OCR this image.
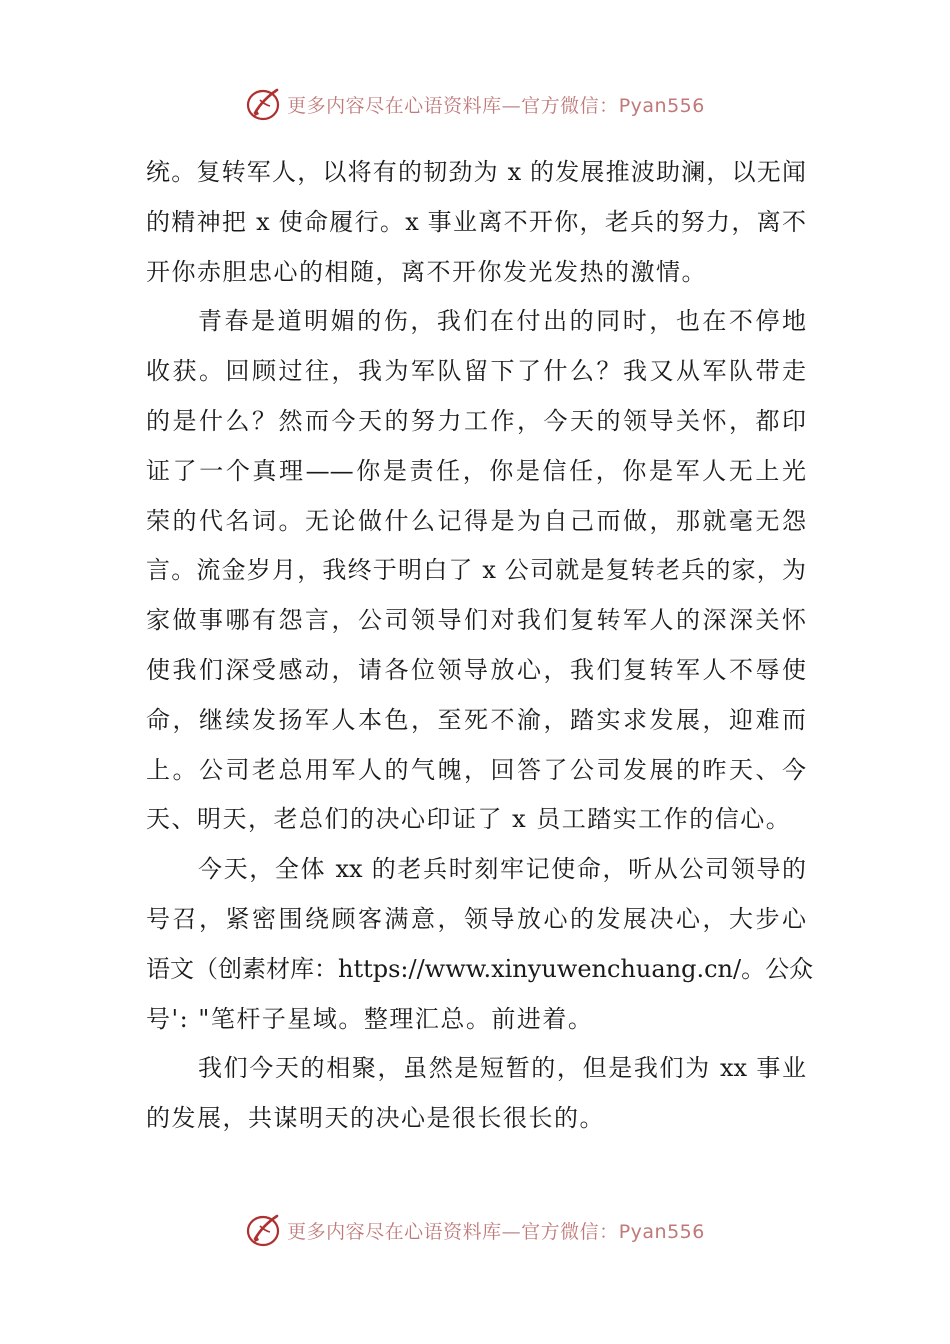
更多内容尽在心语资料库—官方微信：Pyan556
统。复转军人，以将有的韧劲为 x 的发展推波助澜，以无闻
的精神把 x 使命履行。x 事业离不开你，老兵的努力，离不
开你赤胆忠心的相随，离不开你发光发热的激情。
青春是道明媚的伤，我们在付出的同时，也在不停地
收获。回顾过往，我为军队留下了什么？我又从军队带走
的是什么？然而今天的努力工作，今天的领导关怀，都印
证了一个真理——你是责任，你是信任，你是军人无上光
荣的代名词。无论做什么记得是为自己而做，那就毫无怨
言。流金岁月，我终于明白了 x 公司就是复转老兵的家，为
家做事哪有怨言，公司领导们对我们复转军人的深深关怀
使我们深受感动，请各位领导放心，我们复转军人不辱使
命，继续发扬军人本色，至死不渝，踏实求发展，迎难而
上。公司老总用军人的气魄，回答了公司发展的昨天、今
天、明天，老总们的决心印证了 x 员工踏实工作的信心。
今天，全体 xx 的老兵时刻牢记使命，听从公司领导的
号召，紧密围绕顾客满意，领导放心的发展决心，大步心
语文（创素材库：https://www.xinyuwenchuang.cn/。公众
号': "笔杆子星域。整理汇总。前进着。
我们今天的相聚，虽然是短暂的，但是我们为 xx 事业
的发展，共谋明天的决心是很长很长的。
更多内容尽在心语资料库—官方微信：Pyan556
